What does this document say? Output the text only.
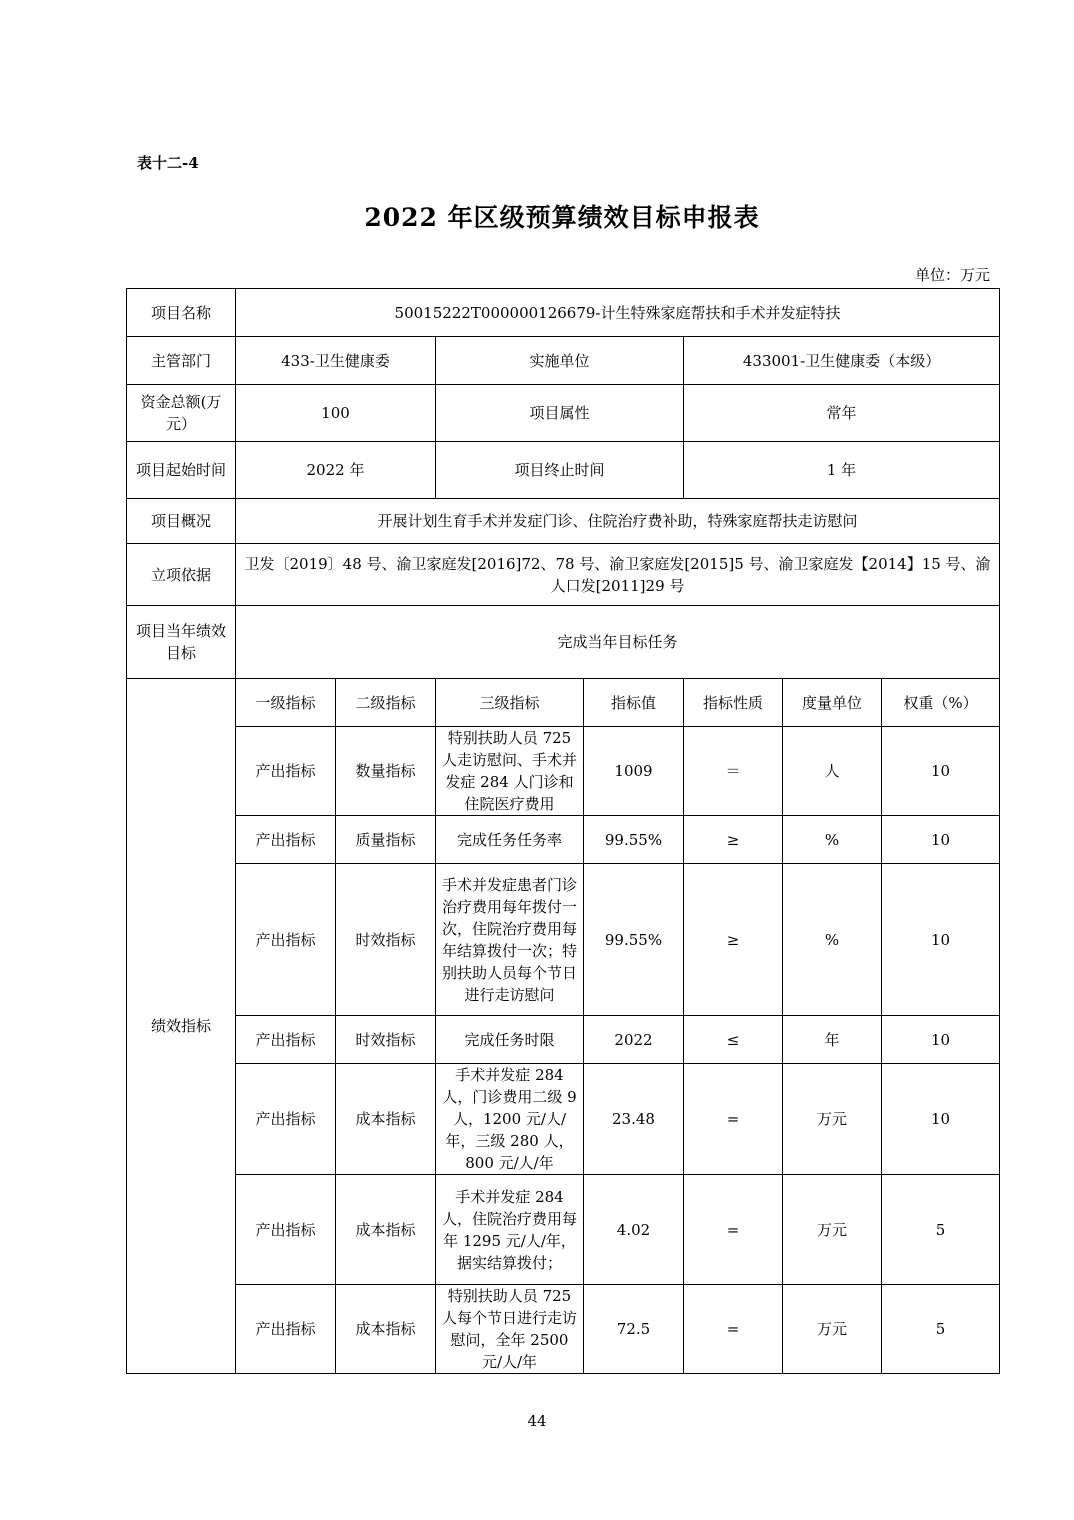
表十二-4
2022 年区级预算绩效目标申报表
单位：万元
项目名称	50015222T000000126679-计生特殊家庭帮扶和手术并发症特扶						
主管部门	433-卫生健康委		实施单位		433001-卫生健康委（本级）		
资金总额(万元）	100		项目属性		常年		
项目起始时间	2022 年		项目终止时间		1 年		
项目概况	开展计划生育手术并发症门诊、住院治疗费补助，特殊家庭帮扶走访慰问						
立项依据	卫发〔2019〕48 号、渝卫家庭发[2016]72、78 号、渝卫家庭发[2015]5 号、渝卫家庭发【2014】15 号、渝人口发[2011]29 号						
项目当年绩效目标	完成当年目标任务						
绩效指标	一级指标	二级指标	三级指标	指标值	指标性质	度量单位	权重（%）
	产出指标	数量指标	特别扶助人员 725 人走访慰问、手术并发症 284 人门诊和住院医疗费用	1009	＝	人	10
	产出指标	质量指标	完成任务任务率	99.55%	≥	%	10
	产出指标	时效指标	手术并发症患者门诊治疗费用每年拨付一次，住院治疗费用每年结算拨付一次；特别扶助人员每个节日进行走访慰问	99.55%	≥	%	10
	产出指标	时效指标	完成任务时限	2022	≤	年	10
	产出指标	成本指标	手术并发症 284 人，门诊费用二级 9 人，1200 元/人/年，三级 280 人，800 元/人/年	23.48	=	万元	10
	产出指标	成本指标	手术并发症 284 人，住院治疗费用每年 1295 元/人/年，据实结算拨付；	4.02	=	万元	5
	产出指标	成本指标	特别扶助人员 725 人每个节日进行走访慰问，全年 2500 元/人/年	72.5	=	万元	5
44
